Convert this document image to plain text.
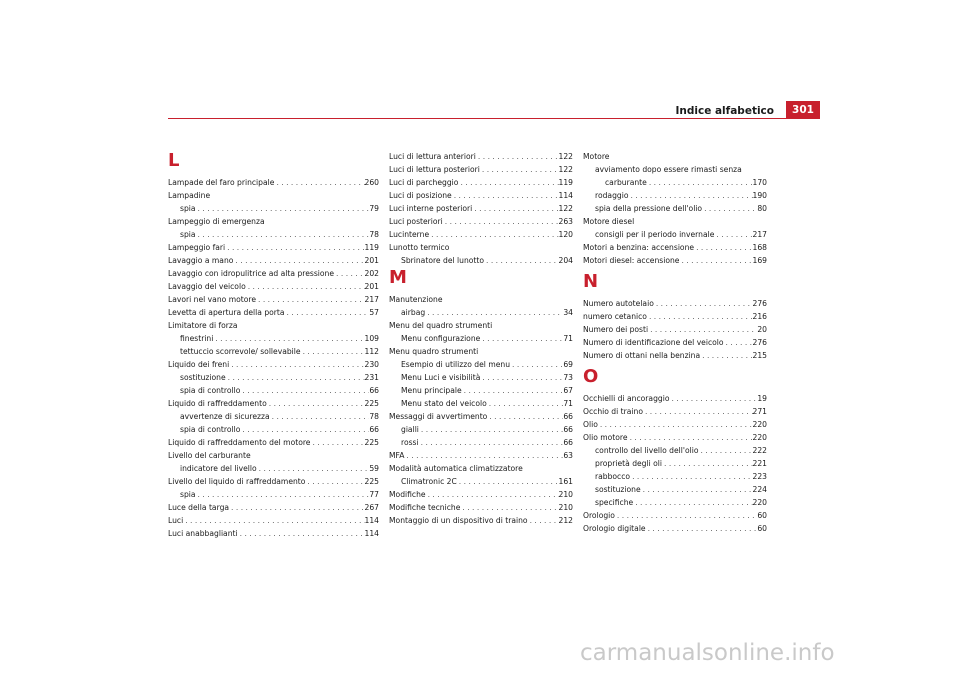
Indice alfabetico	301
L
Lampade del faro principale . . .	260
Lampadine
spia . . .	79
Lampeggio di emergenza
spia . . .	78
Lampeggio fari . . .	119
Lavaggio a mano . . .	201
Lavaggio con idropulitrice ad alta pressione . . .	202
Lavaggio del veicolo . . .	201
Lavori nel vano motore . . .	217
Levetta di apertura della porta . . .	57
Limitatore di forza
finestrini . . .	109
tettuccio scorrevole/ sollevabile . . .	112
Liquido dei freni . . .	230
sostituzione . . .	231
spia di controllo . . .	66
Liquido di raffreddamento . . .	225
avvertenze di sicurezza . . .	78
spia di controllo . . .	66
Liquido di raffreddamento del motore . . .	225
Livello del carburante
indicatore del livello . . .	59
Livello del liquido di raffreddamento . . .	225
spia . . .	77
Luce della targa . . .	267
Luci . . .	114
Luci anabbaglianti . . .	114
Luci di lettura anteriori . . .	122
Luci di lettura posteriori . . .	122
Luci di parcheggio . . .	119
Luci di posizione . . .	114
Luci interne posteriori . . .	122
Luci posteriori . . .	263
Lucinterne . . .	120
Lunotto termico
Sbrinatore del lunotto . . .	204
M
Manutenzione
airbag . . .	34
Menu del quadro strumenti
Menu configurazione . . .	71
Menu quadro strumenti
Esempio di utilizzo del menu . . .	69
Menu Luci e visibilità . . .	73
Menu principale . . .	67
Menu stato del veicolo . . .	71
Messaggi di avvertimento . . .	66
gialli . . .	66
rossi . . .	66
MFA . . .	63
Modalità automatica climatizzatore
Climatronic 2C . . .	161
Modifiche . . .	210
Modifiche tecniche . . .	210
Montaggio di un dispositivo di traino . . .	212
Motore
avviamento dopo essere rimasti senza
carburante . . .	170
rodaggio . . .	190
spia della pressione dell'olio . . .	80
Motore diesel
consigli per il periodo invernale . . .	217
Motori a benzina: accensione . . .	168
Motori diesel: accensione . . .	169
N
Numero autotelaio . . .	276
numero cetanico . . .	216
Numero dei posti . . .	20
Numero di identificazione del veicolo . . .	276
Numero di ottani nella benzina . . .	215
O
Occhielli di ancoraggio . . .	19
Occhio di traino . . .	271
Olio . . .	220
Olio motore . . .	220
controllo del livello dell'olio . . .	222
proprietà degli oli . . .	221
rabbocco . . .	223
sostituzione . . .	224
specifiche . . .	220
Orologio . . .	60
Orologio digitale . . .	60
carmanualsonline.info
